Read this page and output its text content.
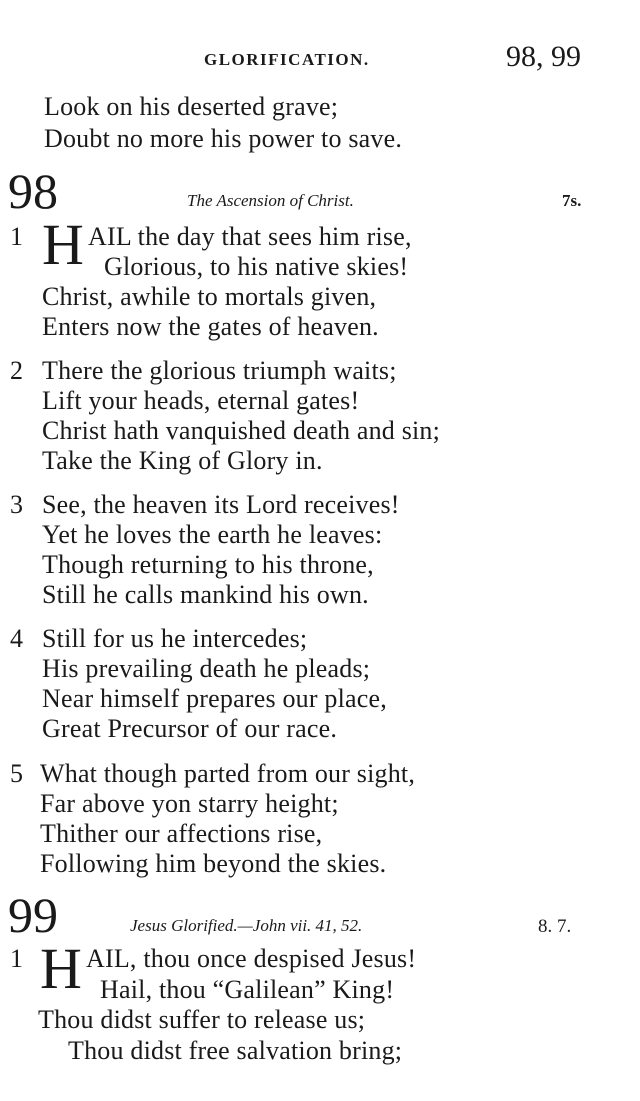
GLORIFICATION.	98, 99
Look on his deserted grave;
Doubt no more his power to save.
98	The Ascension of Christ.	7s.
1 H AIL the day that sees him rise,
Glorious, to his native skies!
Christ, awhile to mortals given,
Enters now the gates of heaven.
2 There the glorious triumph waits;
Lift your heads, eternal gates!
Christ hath vanquished death and sin;
Take the King of Glory in.
3 See, the heaven its Lord receives!
Yet he loves the earth he leaves:
Though returning to his throne,
Still he calls mankind his own.
4 Still for us he intercedes;
His prevailing death he pleads;
Near himself prepares our place,
Great Precursor of our race.
5 What though parted from our sight,
Far above yon starry height;
Thither our affections rise,
Following him beyond the skies.
99	Jesus Glorified.—John vii. 41, 52.	8. 7.
1 H AIL, thou once despised Jesus!
Hail, thou “Galilean” King!
Thou didst suffer to release us;
Thou didst free salvation bring;
